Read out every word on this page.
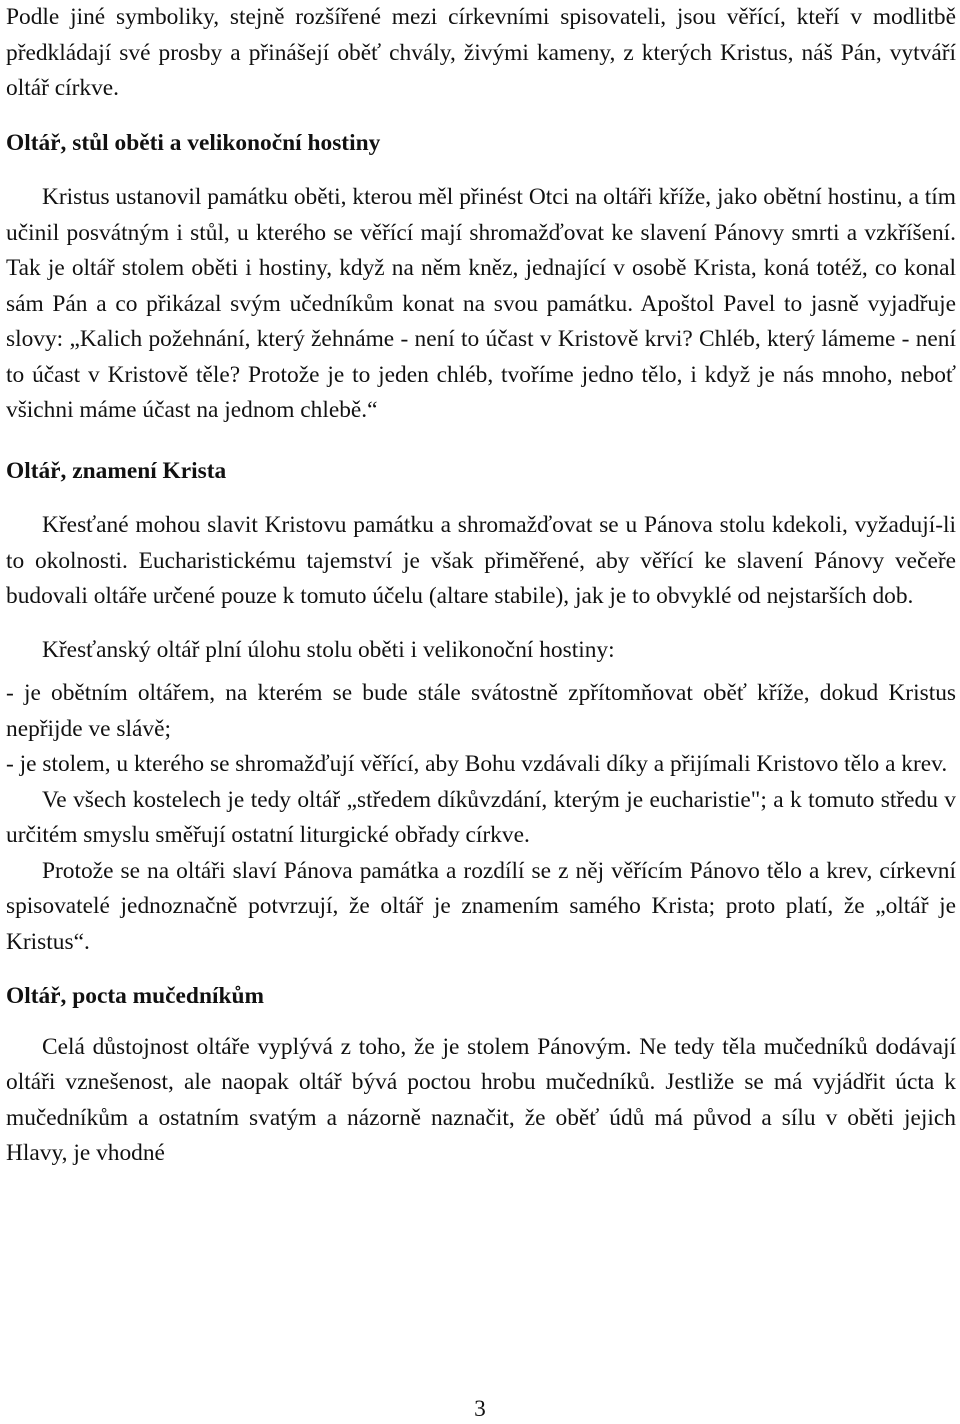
Podle jiné symboliky, stejně rozšířené mezi církevními spisovateli, jsou věřící, kteří v modlitbě předkládají své prosby a přinášejí oběť chvály, živými kameny, z kterých Kristus, náš Pán, vytváří oltář církve.

Oltář, stůl oběti a velikonoční hostiny

Kristus ustanovil památku oběti, kterou měl přinést Otci na oltáři kříže, jako obětní hostinu, a tím učinil posvátným i stůl, u kterého se věřící mají shromažďovat ke slavení Pánovy smrti a vzkříšení. Tak je oltář stolem oběti i hostiny, když na něm kněz, jednající v osobě Krista, koná totéž, co konal sám Pán a co přikázal svým učedníkům konat na svou památku. Apoštol Pavel to jasně vyjadřuje slovy: „Kalich požehnání, který žehnáme - není to účast v Kristově krvi? Chléb, který lámeme - není to účast v Kristově těle? Protože je to jeden chléb, tvoříme jedno tělo, i když je nás mnoho, neboť všichni máme účast na jednom chlebě.“

Oltář, znamení Krista

Křesťané mohou slavit Kristovu památku a shromažďovat se u Pánova stolu kdekoli, vyžadují-li to okolnosti. Eucharistickému tajemství je však přiměřené, aby věřící ke slavení Pánovy večeře budovali oltáře určené pouze k tomuto účelu (altare stabile), jak je to obvyklé od nejstarších dob.

Křesťanský oltář plní úlohu stolu oběti i velikonoční hostiny:

- je obětním oltářem, na kterém se bude stále svátostně zpřítomňovat oběť kříže, dokud Kristus nepřijde ve slávě;

- je stolem, u kterého se shromažďují věřící, aby Bohu vzdávali díky a přijímali Kristovo tělo a krev.

Ve všech kostelech je tedy oltář „středem díkůvzdání, kterým je eucharistie"; a k tomuto středu v určitém smyslu směřují ostatní liturgické obřady církve.

Protože se na oltáři slaví Pánova památka a rozdílí se z něj věřícím Pánovo tělo a krev, církevní spisovatelé jednoznačně potvrzují, že oltář je znamením samého Krista; proto platí, že „oltář je Kristus“.

Oltář, pocta mučedníkům

Celá důstojnost oltáře vyplývá z toho, že je stolem Pánovým. Ne tedy těla mučedníků dodávají oltáři vznešenost, ale naopak oltář bývá poctou hrobu mučedníků. Jestliže se má vyjádřit úcta k mučedníkům a ostatním svatým a názorně naznačit, že oběť údů má původ a sílu v oběti jejich Hlavy, je vhodné

3
